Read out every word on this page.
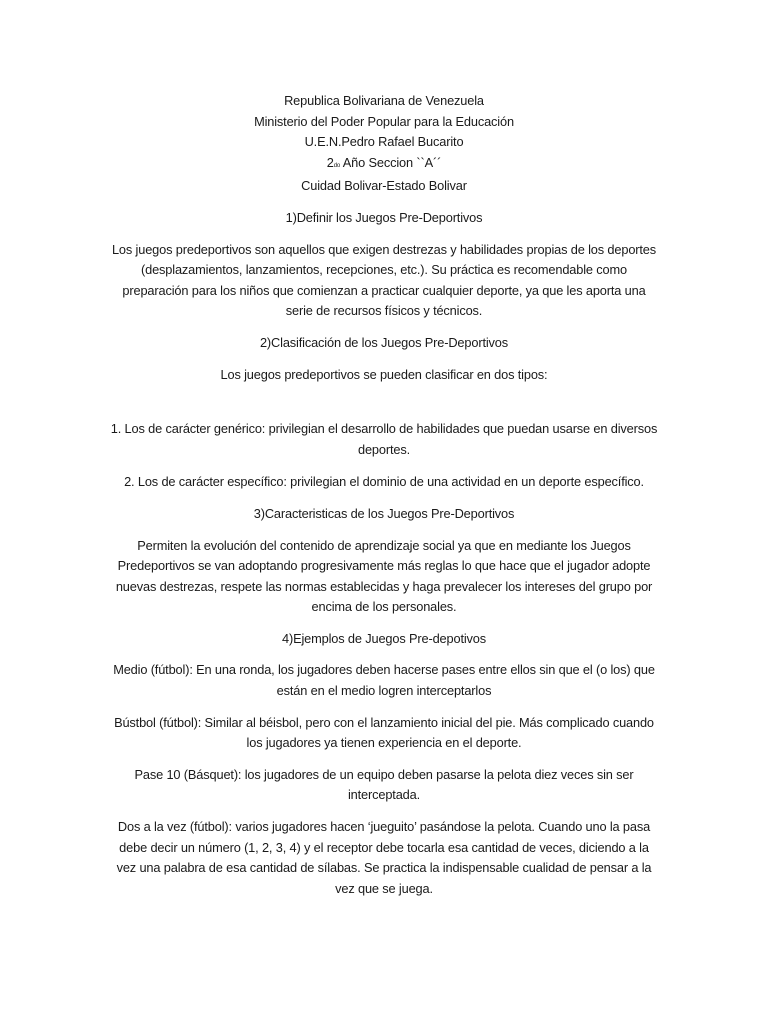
Republica Bolivariana de Venezuela

Ministerio del Poder Popular para la Educación

U.E.N.Pedro Rafael Bucarito

2do Año Seccion ``A´´

Cuidad Bolivar-Estado Bolivar

1)Definir los Juegos Pre-Deportivos

Los juegos predeportivos son aquellos que exigen destrezas y habilidades propias de los deportes (desplazamientos, lanzamientos, recepciones, etc.). Su práctica es recomendable como preparación para los niños que comienzan a practicar cualquier deporte, ya que les aporta una serie de recursos físicos y técnicos.

2)Clasificación de los Juegos Pre-Deportivos

Los juegos predeportivos se pueden clasificar en dos tipos:

1. Los de carácter genérico: privilegian el desarrollo de habilidades que puedan usarse en diversos deportes.

2. Los de carácter específico: privilegian el dominio de una actividad en un deporte específico.

3)Caracteristicas de los Juegos Pre-Deportivos

Permiten la evolución del contenido de aprendizaje social ya que en mediante los Juegos Predeportivos se van adoptando progresivamente más reglas lo que hace que el jugador adopte nuevas destrezas, respete las normas establecidas y haga prevalecer los intereses del grupo por encima de los personales.

4)Ejemplos de Juegos Pre-depotivos

Medio (fútbol): En una ronda, los jugadores deben hacerse pases entre ellos sin que el (o los) que están en el medio logren interceptarlos

Bústbol (fútbol): Similar al béisbol, pero con el lanzamiento inicial del pie. Más complicado cuando los jugadores ya tienen experiencia en el deporte.

Pase 10 (Básquet): los jugadores de un equipo deben pasarse la pelota diez veces sin ser interceptada.

Dos a la vez (fútbol): varios jugadores hacen ‘jueguito’ pasándose la pelota. Cuando uno la pasa debe decir un número (1, 2, 3, 4) y el receptor debe tocarla esa cantidad de veces, diciendo a la vez una palabra de esa cantidad de sílabas. Se practica la indispensable cualidad de pensar a la vez que se juega.
